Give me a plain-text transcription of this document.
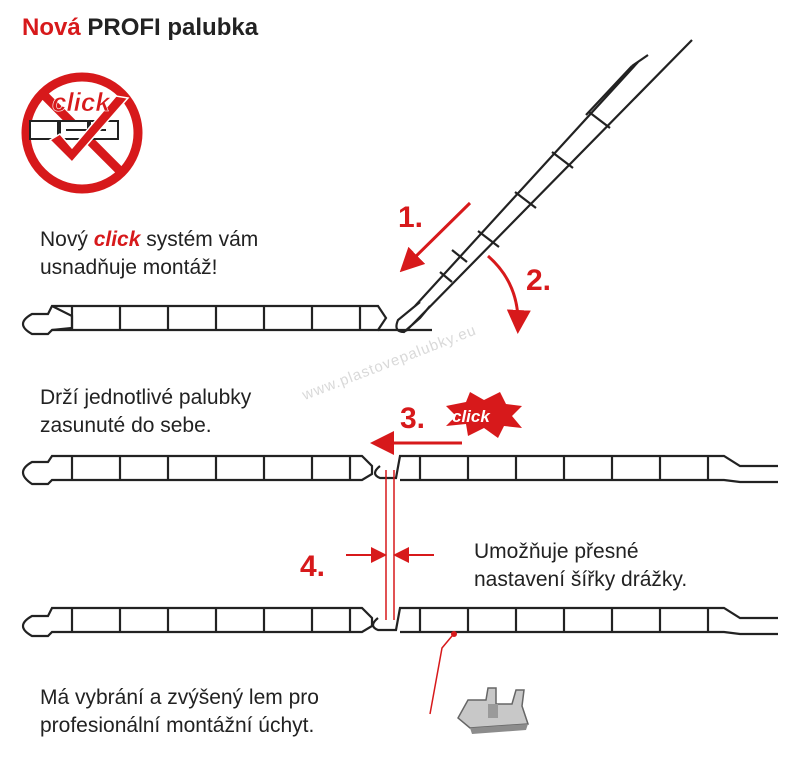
Nová PROFI palubka
click
click
www.plastovepalubky.eu
Nový click systém vám
usnadňuje montáž!
Drží jednotlivé palubky
zasunuté do sebe.
Umožňuje přesné
nastavení šířky drážky.
Má vybrání a zvýšený lem pro
profesionální montážní úchyt.
1.
2.
3.
4.
